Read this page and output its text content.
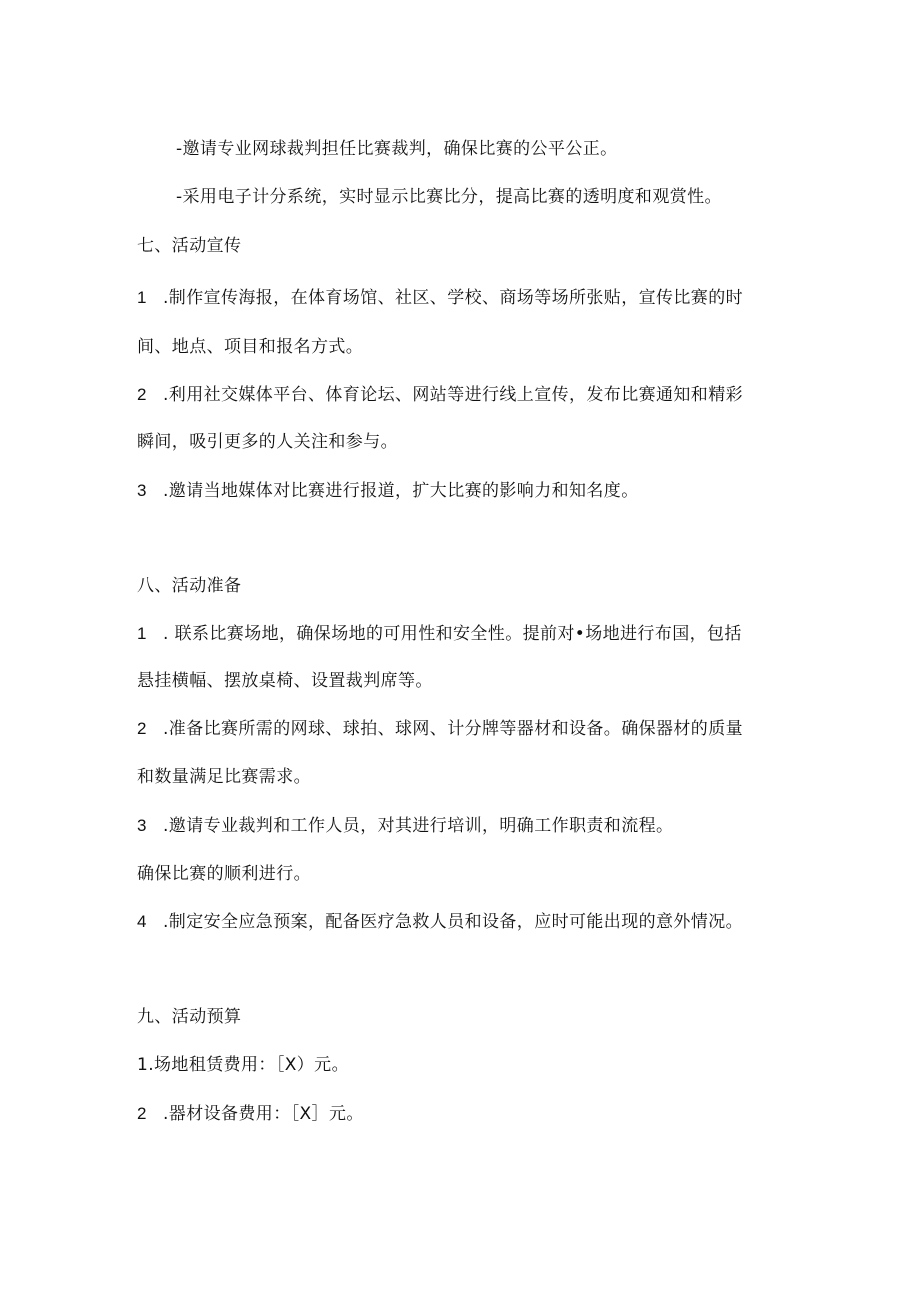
-邀请专业网球裁判担任比赛裁判，确保比赛的公平公正。
-采用电子计分系统，实时显示比赛比分，提高比赛的透明度和观赏性。
七、活动宣传
1 .制作宣传海报，在体育场馆、社区、学校、商场等场所张贴，宣传比赛的时
间、地点、项目和报名方式。
2 .利用社交媒体平台、体育论坛、网站等进行线上宣传，发布比赛通知和精彩
瞬间，吸引更多的人关注和参与。
3 .邀请当地媒体对比赛进行报道，扩大比赛的影响力和知名度。
八、活动准备
1 . 联系比赛场地，确保场地的可用性和安全性。提前对•场地进行布国，包括
悬挂横幅、摆放桌椅、设置裁判席等。
2 .准备比赛所需的网球、球拍、球网、计分牌等器材和设备。确保器材的质量
和数量满足比赛需求。
3 .邀请专业裁判和工作人员，对其进行培训，明确工作职责和流程。
确保比赛的顺利进行。
4 .制定安全应急预案，配备医疗急救人员和设备，应时可能出现的意外情况。
九、活动预算
1.场地租赁费用：［X）元。
2 .器材设备费用：［X］元。
